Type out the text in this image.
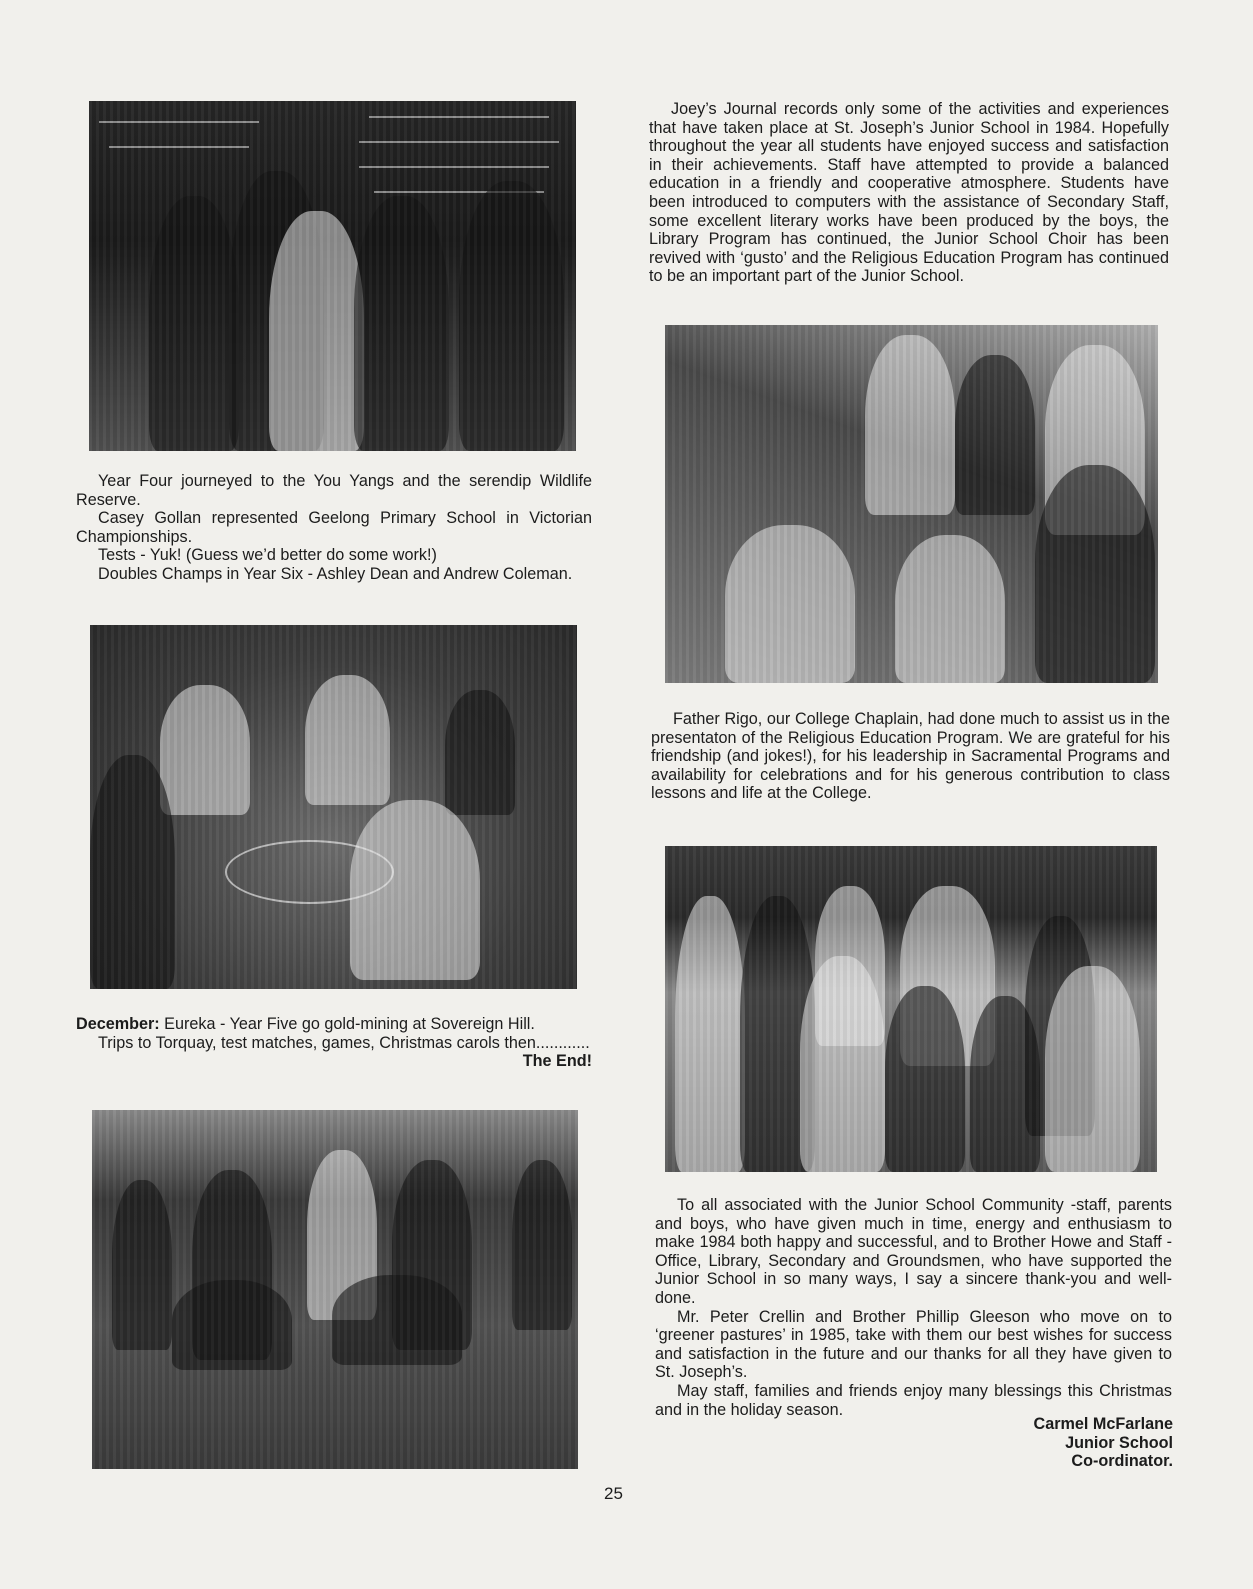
Year Four journeyed to the You Yangs and the serendip Wildlife Reserve.

Casey Gollan represented Geelong Primary School in Victorian Championships.

Tests - Yuk! (Guess we’d better do some work!)

Doubles Champs in Year Six - Ashley Dean and Andrew Coleman.

December: Eureka - Year Five go gold-mining at Sovereign Hill.

Trips to Torquay, test matches, games, Christmas carols then............

The End!

Joey’s Journal records only some of the activities and experiences that have taken place at St. Joseph’s Junior School in 1984. Hopefully throughout the year all students have enjoyed success and satisfaction in their achievements. Staff have attempted to provide a balanced education in a friendly and cooperative atmosphere. Students have been introduced to computers with the assistance of Secondary Staff, some excellent literary works have been produced by the boys, the Library Program has continued, the Junior School Choir has been revived with ‘gusto’ and the Religious Education Program has continued to be an important part of the Junior School.

Father Rigo, our College Chaplain, had done much to assist us in the presentaton of the Religious Education Program. We are grateful for his friendship (and jokes!), for his leadership in Sacramental Programs and availability for celebrations and for his generous contribution to class lessons and life at the College.

To all associated with the Junior School Community -staff, parents and boys, who have given much in time, energy and enthusiasm to make 1984 both happy and successful, and to Brother Howe and Staff -Office, Library, Secondary and Groundsmen, who have supported the Junior School in so many ways, I say a sincere thank-you and well-done.

Mr. Peter Crellin and Brother Phillip Gleeson who move on to ‘greener pastures’ in 1985, take with them our best wishes for success and satisfaction in the future and our thanks for all they have given to St. Joseph’s.

May staff, families and friends enjoy many blessings this Christmas and in the holiday season.

Carmel McFarlane
Junior School
Co-ordinator.
25
